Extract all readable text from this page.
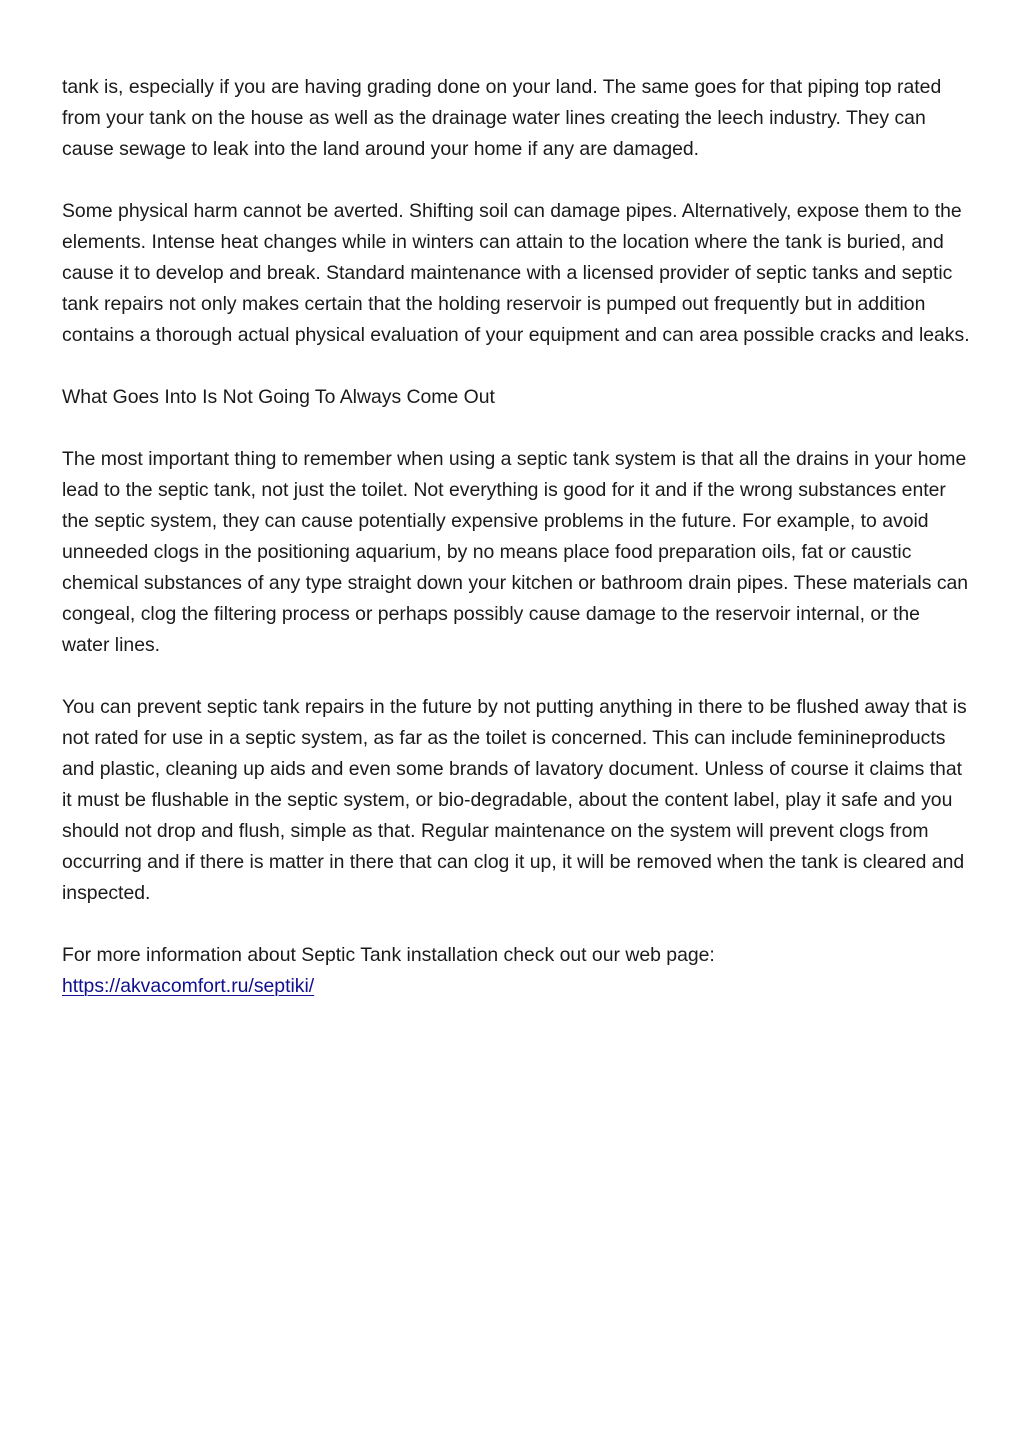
tank is, especially if you are having grading done on your land. The same goes for that piping top rated from your tank on the house as well as the drainage water lines creating the leech industry. They can cause sewage to leak into the land around your home if any are damaged.

Some physical harm cannot be averted. Shifting soil can damage pipes. Alternatively, expose them to the elements. Intense heat changes while in winters can attain to the location where the tank is buried, and cause it to develop and break. Standard maintenance with a licensed provider of septic tanks and septic tank repairs not only makes certain that the holding reservoir is pumped out frequently but in addition contains a thorough actual physical evaluation of your equipment and can area possible cracks and leaks.

What Goes Into Is Not Going To Always Come Out

The most important thing to remember when using a septic tank system is that all the drains in your home lead to the septic tank, not just the toilet. Not everything is good for it and if the wrong substances enter the septic system, they can cause potentially expensive problems in the future. For example, to avoid unneeded clogs in the positioning aquarium, by no means place food preparation oils, fat or caustic chemical substances of any type straight down your kitchen or bathroom drain pipes. These materials can congeal, clog the filtering process or perhaps possibly cause damage to the reservoir internal, or the water lines.

You can prevent septic tank repairs in the future by not putting anything in there to be flushed away that is not rated for use in a septic system, as far as the toilet is concerned. This can include feminineproducts and plastic, cleaning up aids and even some brands of lavatory document. Unless of course it claims that it must be flushable in the septic system, or bio-degradable, about the content label, play it safe and you should not drop and flush, simple as that. Regular maintenance on the system will prevent clogs from occurring and if there is matter in there that can clog it up, it will be removed when the tank is cleared and inspected.

For more information about Septic Tank installation check out our web page:
https://akvacomfort.ru/septiki/
